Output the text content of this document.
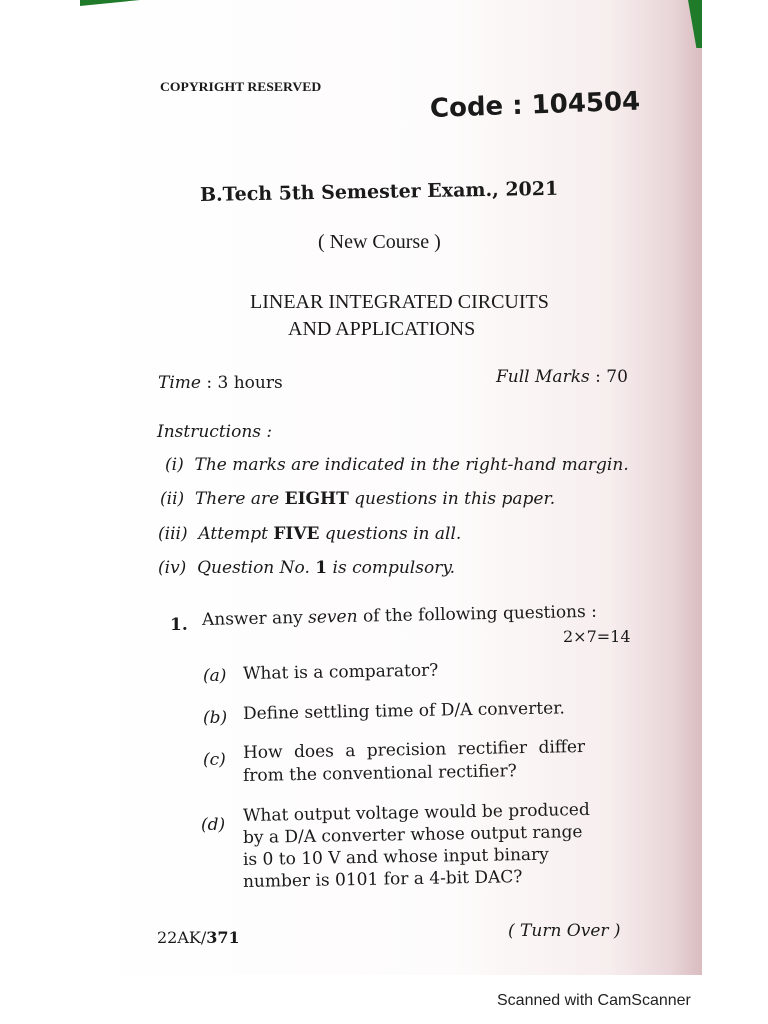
COPYRIGHT RESERVED
Code : 104504
B.Tech 5th Semester Exam., 2021
( New Course )
LINEAR INTEGRATED CIRCUITS
AND APPLICATIONS
Time : 3 hours	Full Marks : 70
Instructions :
(i) The marks are indicated in the right-hand margin.
(ii) There are EIGHT questions in this paper.
(iii) Attempt FIVE questions in all.
(iv) Question No. 1 is compulsory.
1. Answer any seven of the following questions :
2×7=14
(a) What is a comparator?
(b) Define settling time of D/A converter.
(c) How does a precision rectifier differ
from the conventional rectifier?
(d) What output voltage would be produced
by a D/A converter whose output range
is 0 to 10 V and whose input binary
number is 0101 for a 4-bit DAC?
22AK/371	( Turn Over )
Scanned with CamScanner
